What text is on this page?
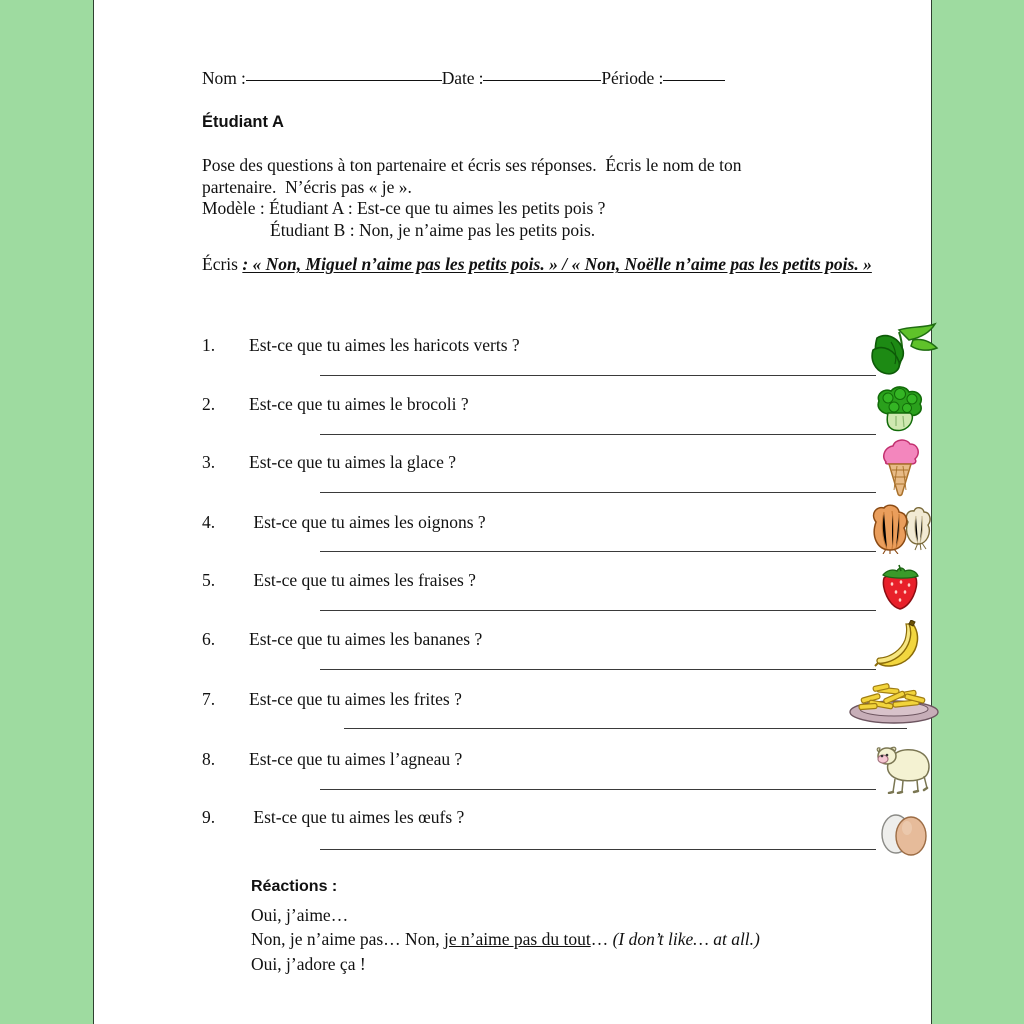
Nom :	Date :	Période :
Étudiant A
Pose des questions à ton partenaire et écris ses réponses.  Écris le nom de ton
partenaire.  N’écris pas « je ».
Modèle : Étudiant A : Est-ce que tu aimes les petits pois ?
Étudiant B : Non, je n’aime pas les petits pois.
Écris : « Non, Miguel n’aime pas les petits pois. » / « Non, Noëlle n’aime pas les petits pois. »
1. Est-ce que tu aimes les haricots verts ?
2. Est-ce que tu aimes le brocoli ?
3. Est-ce que tu aimes la glace ?
4. Est-ce que tu aimes les oignons ?
5. Est-ce que tu aimes les fraises ?
6. Est-ce que tu aimes les bananes ?
7. Est-ce que tu aimes les frites ?
8. Est-ce que tu aimes l’agneau ?
9. Est-ce que tu aimes les œufs ?
Réactions :
Oui, j’aime…
Non, je n’aime pas… Non, je n’aime pas du tout… (I don’t like… at all.)
Oui, j’adore ça !
